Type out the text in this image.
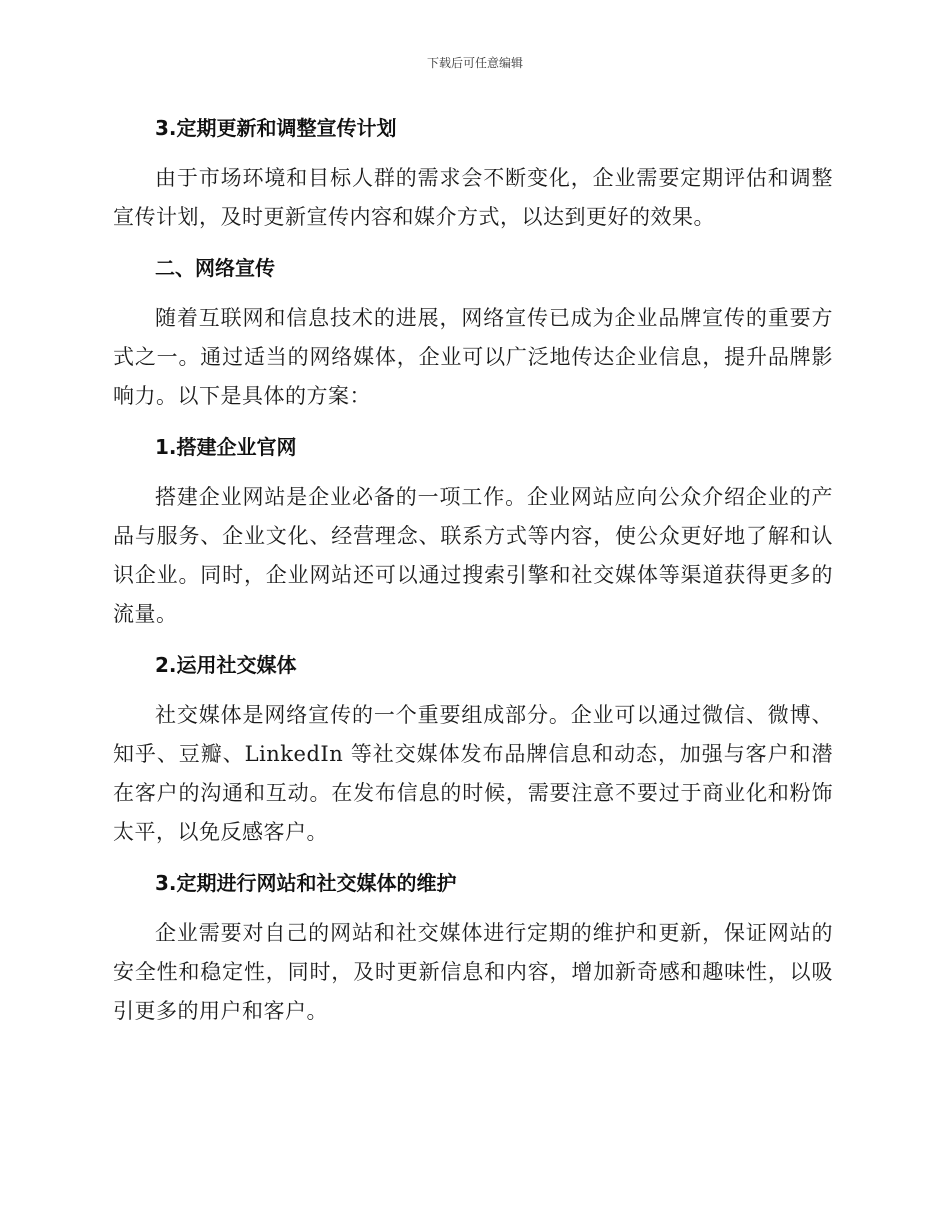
下载后可任意编辑
3.定期更新和调整宣传计划
由于市场环境和目标人群的需求会不断变化，企业需要定期评估和调整宣传计划，及时更新宣传内容和媒介方式，以达到更好的效果。
二、网络宣传
随着互联网和信息技术的进展，网络宣传已成为企业品牌宣传的重要方式之一。通过适当的网络媒体，企业可以广泛地传达企业信息，提升品牌影响力。以下是具体的方案：
1.搭建企业官网
搭建企业网站是企业必备的一项工作。企业网站应向公众介绍企业的产品与服务、企业文化、经营理念、联系方式等内容，使公众更好地了解和认识企业。同时，企业网站还可以通过搜索引擎和社交媒体等渠道获得更多的流量。
2.运用社交媒体
社交媒体是网络宣传的一个重要组成部分。企业可以通过微信、微博、知乎、豆瓣、LinkedIn 等社交媒体发布品牌信息和动态，加强与客户和潜在客户的沟通和互动。在发布信息的时候，需要注意不要过于商业化和粉饰太平，以免反感客户。
3.定期进行网站和社交媒体的维护
企业需要对自己的网站和社交媒体进行定期的维护和更新，保证网站的安全性和稳定性，同时，及时更新信息和内容，增加新奇感和趣味性，以吸引更多的用户和客户。
